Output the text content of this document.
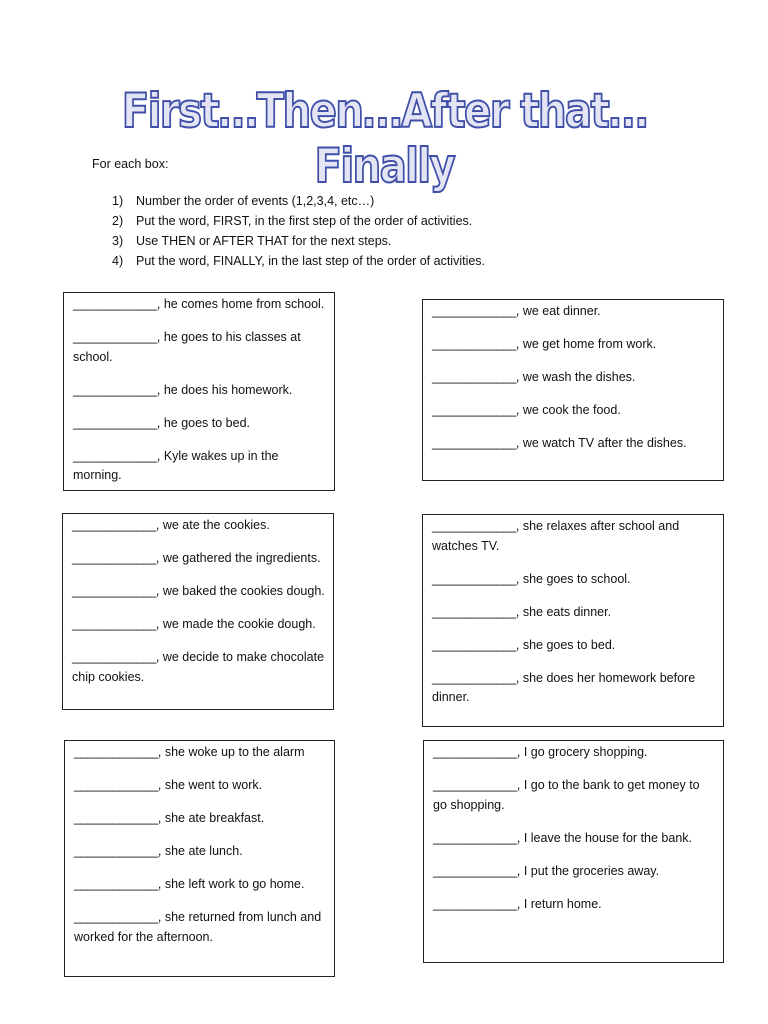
First…Then…After that…Finally
For each box:
1) Number the order of events (1,2,3,4, etc…)
2) Put the word, FIRST, in the first step of the order of activities.
3) Use THEN or AFTER THAT for the next steps.
4) Put the word, FINALLY, in the last step of the order of activities.
_____________, he comes home from school.
_____________, he goes to his classes at school.
_____________, he does his homework.
_____________, he goes to bed.
_____________, Kyle wakes up in the morning.
_____________, we eat dinner.
_____________, we get home from work.
_____________, we wash the dishes.
_____________, we cook the food.
_____________, we watch TV after the dishes.
_____________, we ate the cookies.
_____________, we gathered the ingredients.
_____________, we baked the cookies dough.
_____________, we made the cookie dough.
_____________, we decide to make chocolate chip cookies.
_____________, she relaxes after school and watches TV.
_____________, she goes to school.
_____________, she eats dinner.
_____________, she goes to bed.
_____________, she does her homework before dinner.
_____________, she woke up to the alarm
_____________, she went to work.
_____________, she ate breakfast.
_____________, she ate lunch.
_____________, she left work to go home.
_____________, she returned from lunch and worked for the afternoon.
_____________, I go grocery shopping.
_____________, I go to the bank to get money to go shopping.
_____________, I leave the house for the bank.
_____________, I put the groceries away.
_____________, I return home.
